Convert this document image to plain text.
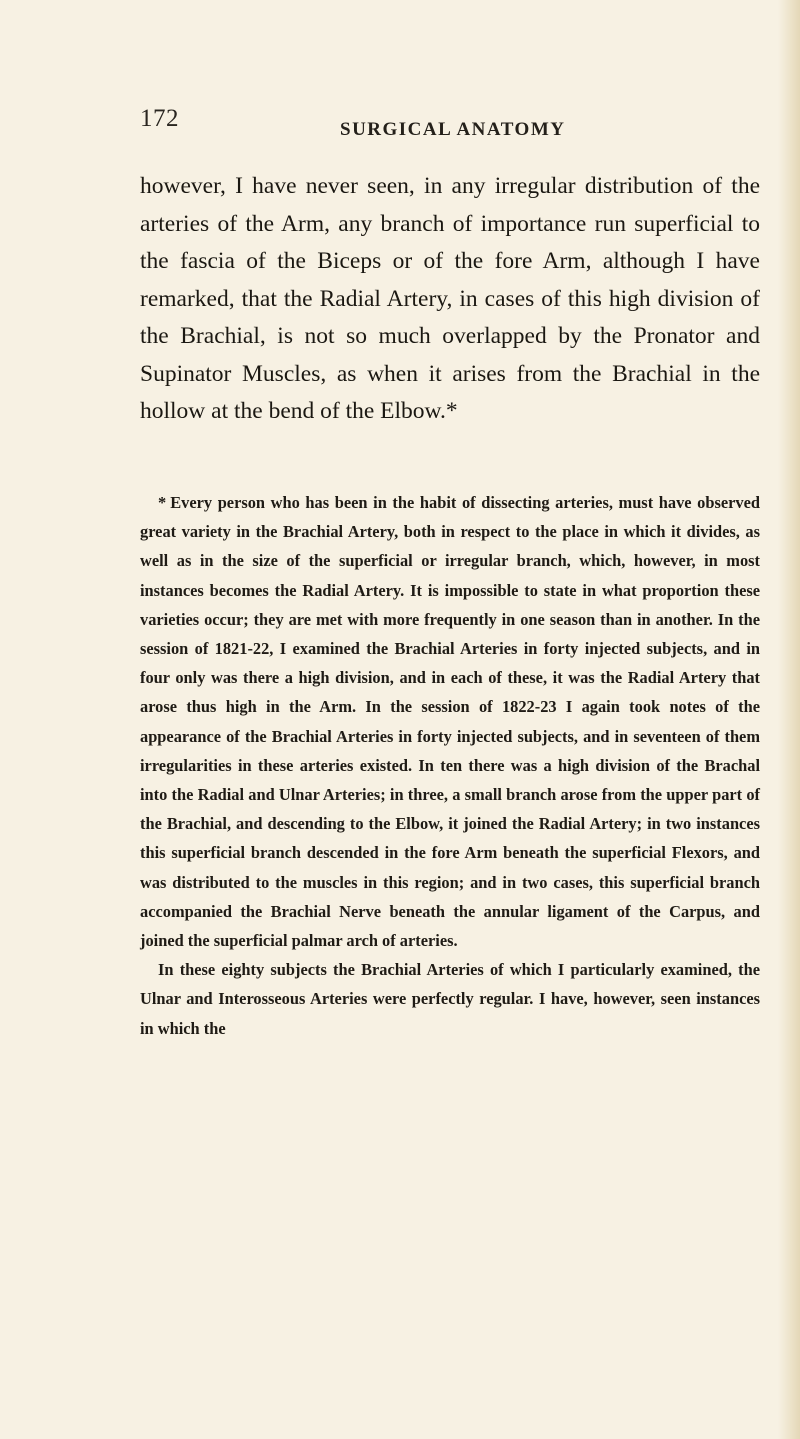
172	SURGICAL ANATOMY

however, I have never seen, in any irregular distribution of the arteries of the Arm, any branch of importance run superficial to the fascia of the Biceps or of the fore Arm, although I have remarked, that the Radial Artery, in cases of this high division of the Brachial, is not so much overlapped by the Pronator and Supinator Muscles, as when it arises from the Brachial in the hollow at the bend of the Elbow.*

* Every person who has been in the habit of dissecting arteries, must have observed great variety in the Brachial Artery, both in respect to the place in which it divides, as well as in the size of the superficial or irregular branch, which, however, in most instances becomes the Radial Artery. It is impossible to state in what proportion these varieties occur; they are met with more frequently in one season than in another. In the session of 1821-22, I examined the Brachial Arteries in forty injected subjects, and in four only was there a high division, and in each of these, it was the Radial Artery that arose thus high in the Arm. In the session of 1822-23 I again took notes of the appearance of the Brachial Arteries in forty injected subjects, and in seventeen of them irregularities in these arteries existed. In ten there was a high division of the Brachal into the Radial and Ulnar Arteries; in three, a small branch arose from the upper part of the Brachial, and descending to the Elbow, it joined the Radial Artery; in two instances this superficial branch descended in the fore Arm beneath the superficial Flexors, and was distributed to the muscles in this region; and in two cases, this superficial branch accompanied the Brachial Nerve beneath the annular ligament of the Carpus, and joined the superficial palmar arch of arteries.

In these eighty subjects the Brachial Arteries of which I particularly examined, the Ulnar and Interosseous Arteries were perfectly regular. I have, however, seen instances in which the
